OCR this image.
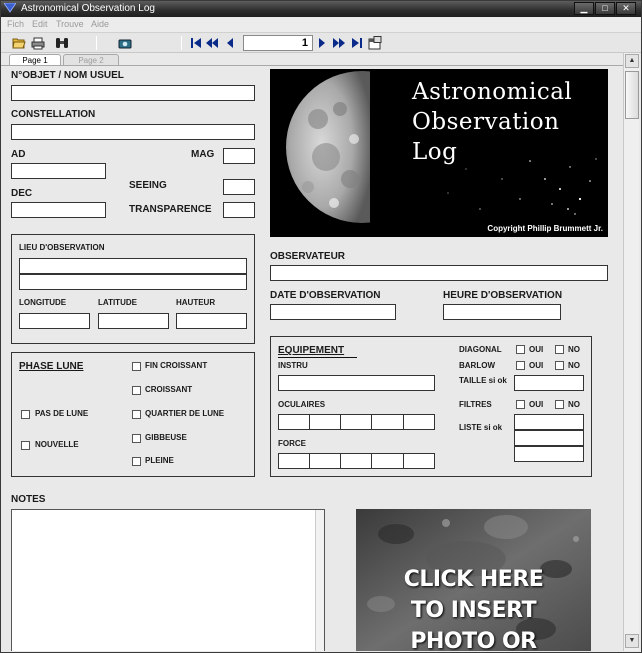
Astronomical Observation Log	▁	□	✕
Fich Edit Trouve Aide
1
Page 1	Page 2
N°OBJET / NOM USUEL
CONSTELLATION
AD	MAG
DEC
SEEING
TRANSPARENCE
LIEU D'OBSERVATION
LONGITUDE	LATITUDE	HAUTEUR
PHASE LUNE	FIN CROISSANT
CROISSANT
QUARTIER DE LUNE
GIBBEUSE
PLEINE
PAS DE LUNE
NOUVELLE
Astronomical
Observation
Log
Copyright Phillip Brummett Jr.
OBSERVATEUR
DATE D'OBSERVATION	HEURE D'OBSERVATION
EQUIPEMENT
INSTRU
OCULAIRES
FORCE
DIAGONAL	OUI	NO
BARLOW	OUI	NO
TAILLE si ok
FILTRES	OUI	NO
LISTE si ok
NOTES
CLICK HERE
TO INSERT
PHOTO OR
▲
▼
